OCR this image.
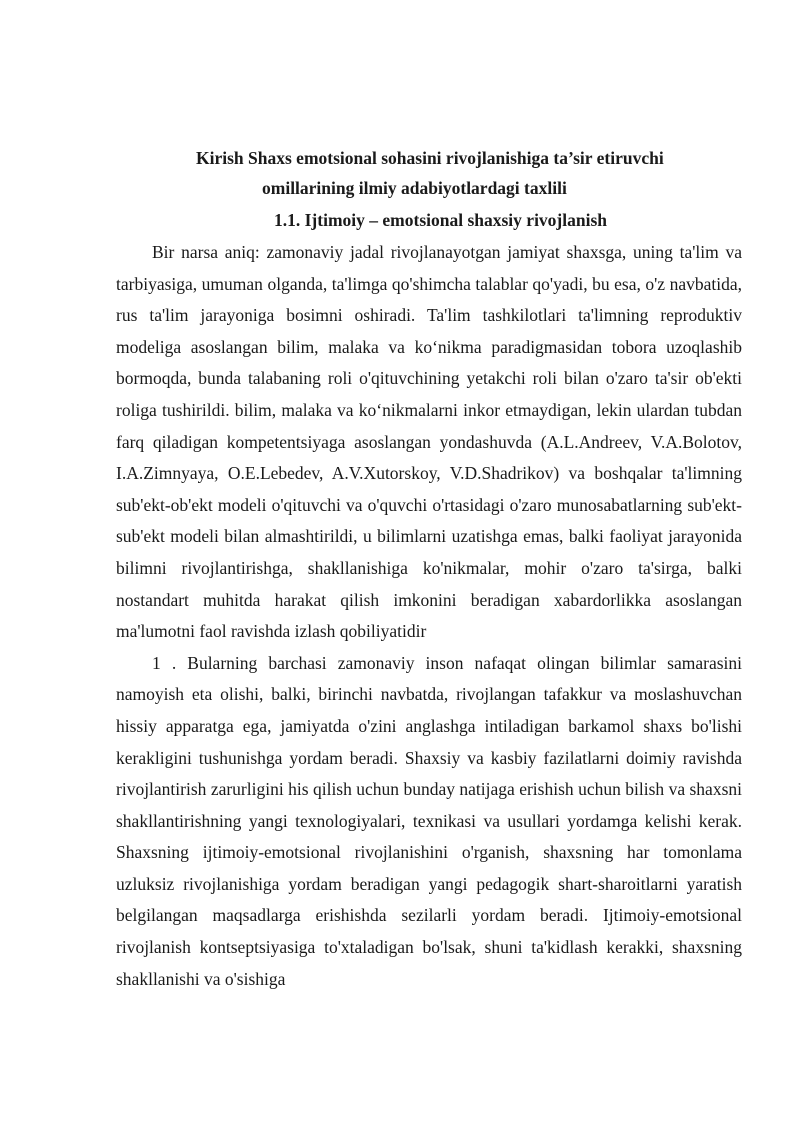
Kirish Shaxs emotsional sohasini rivojlanishiga ta’sir etiruvchi
omillarining ilmiy adabiyotlardagi taxlili
1.1. Ijtimoiy – emotsional shaxsiy rivojlanish

Bir narsa aniq: zamonaviy jadal rivojlanayotgan jamiyat shaxsga, uning ta'lim va tarbiyasiga, umuman olganda, ta'limga qo'shimcha talablar qo'yadi, bu esa, o'z navbatida, rus ta'lim jarayoniga bosimni oshiradi. Ta'lim tashkilotlari ta'limning reproduktiv modeliga asoslangan bilim, malaka va ko‘nikma paradigmasidan tobora uzoqlashib bormoqda, bunda talabaning roli o'qituvchining yetakchi roli bilan o'zaro ta'sir ob'ekti roliga tushirildi. bilim, malaka va ko‘nikmalarni inkor etmaydigan, lekin ulardan tubdan farq qiladigan kompetentsiyaga asoslangan yondashuvda (A.L.Andreev, V.A.Bolotov, I.A.Zimnyaya, O.E.Lebedev, A.V.Xutorskoy, V.D.Shadrikov) va boshqalar ta'limning sub'ekt-ob'ekt modeli o'qituvchi va o'quvchi o'rtasidagi o'zaro munosabatlarning sub'ekt-sub'ekt modeli bilan almashtirildi, u bilimlarni uzatishga emas, balki faoliyat jarayonida bilimni rivojlantirishga, shakllanishiga ko'nikmalar, mohir o'zaro ta'sirga, balki nostandart muhitda harakat qilish imkonini beradigan xabardorlikka asoslangan ma'lumotni faol ravishda izlash qobiliyatidir

1 . Bularning barchasi zamonaviy inson nafaqat olingan bilimlar samarasini namoyish eta olishi, balki, birinchi navbatda, rivojlangan tafakkur va moslashuvchan hissiy apparatga ega, jamiyatda o'zini anglashga intiladigan barkamol shaxs bo'lishi kerakligini tushunishga yordam beradi. Shaxsiy va kasbiy fazilatlarni doimiy ravishda rivojlantirish zarurligini his qilish uchun bunday natijaga erishish uchun bilish va shaxsni shakllantirishning yangi texnologiyalari, texnikasi va usullari yordamga kelishi kerak. Shaxsning ijtimoiy-emotsional rivojlanishini o'rganish, shaxsning har tomonlama uzluksiz rivojlanishiga yordam beradigan yangi pedagogik shart-sharoitlarni yaratish belgilangan maqsadlarga erishishda sezilarli yordam beradi. Ijtimoiy-emotsional rivojlanish kontseptsiyasiga to'xtaladigan bo'lsak, shuni ta'kidlash kerakki, shaxsning shakllanishi va o'sishiga
